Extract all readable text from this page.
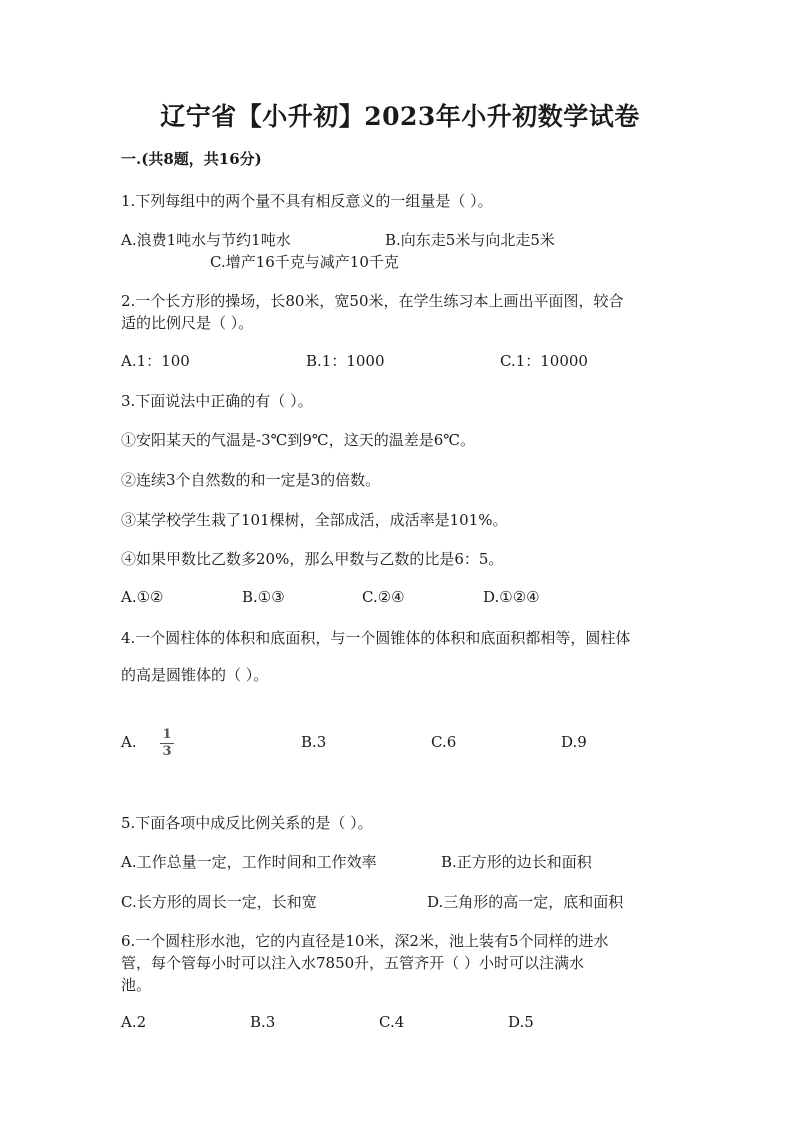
辽宁省【小升初】2023年小升初数学试卷
一.(共8题，共16分)
1.下列每组中的两个量不具有相反意义的一组量是（ ）。
A.浪费1吨水与节约1吨水	B.向东走5米与向北走5米
C.增产16千克与减产10千克
2.一个长方形的操场，长80米，宽50米，在学生练习本上画出平面图，较合
适的比例尺是（ ）。
A.1：100	B.1：1000	C.1：10000
3.下面说法中正确的有（ ）。
①安阳某天的气温是-3℃到9℃，这天的温差是6℃。
②连续3个自然数的和一定是3的倍数。
③某学校学生栽了101棵树，全部成活，成活率是101%。
④如果甲数比乙数多20%，那么甲数与乙数的比是6：5。
A.①②	B.①③	C.②④	D.①②④
4.一个圆柱体的体积和底面积，与一个圆锥体的体积和底面积都相等，圆柱体
的高是圆锥体的（ ）。
A. 1
3
B.3	C.6	D.9
5.下面各项中成反比例关系的是（ ）。
A.工作总量一定，工作时间和工作效率	B.正方形的边长和面积
C.长方形的周长一定，长和宽	D.三角形的高一定，底和面积
6.一个圆柱形水池，它的内直径是10米，深2米，池上装有5个同样的进水
管，每个管每小时可以注入水7850升，五管齐开（ ）小时可以注满水
池。
A.2	B.3	C.4	D.5
